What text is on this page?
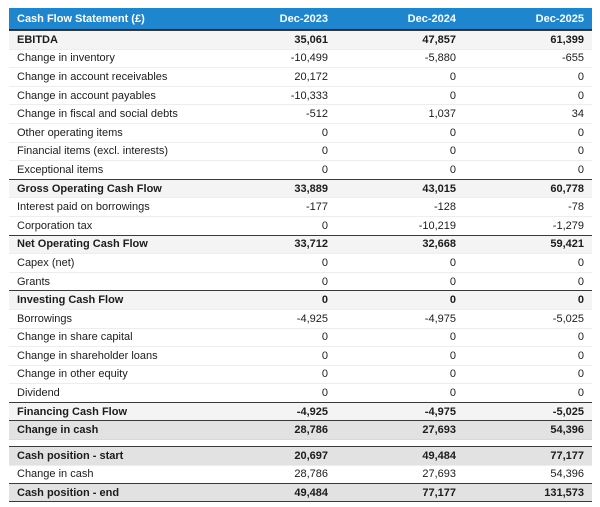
Cash Flow Statement (£)	Dec-2023	Dec-2024	Dec-2025
EBITDA	35,061	47,857	61,399
Change in inventory	-10,499	-5,880	-655
Change in account receivables	20,172	0	0
Change in account payables	-10,333	0	0
Change in fiscal and social debts	-512	1,037	34
Other operating items	0	0	0
Financial items (excl. interests)	0	0	0
Exceptional items	0	0	0
Gross Operating Cash Flow	33,889	43,015	60,778
Interest paid on borrowings	-177	-128	-78
Corporation tax	0	-10,219	-1,279
Net Operating Cash Flow	33,712	32,668	59,421
Capex (net)	0	0	0
Grants	0	0	0
Investing Cash Flow	0	0	0
Borrowings	-4,925	-4,975	-5,025
Change in share capital	0	0	0
Change in shareholder loans	0	0	0
Change in other equity	0	0	0
Dividend	0	0	0
Financing Cash Flow	-4,925	-4,975	-5,025
Change in cash	28,786	27,693	54,396

Cash position - start	20,697	49,484	77,177
Change in cash	28,786	27,693	54,396
Cash position - end	49,484	77,177	131,573
